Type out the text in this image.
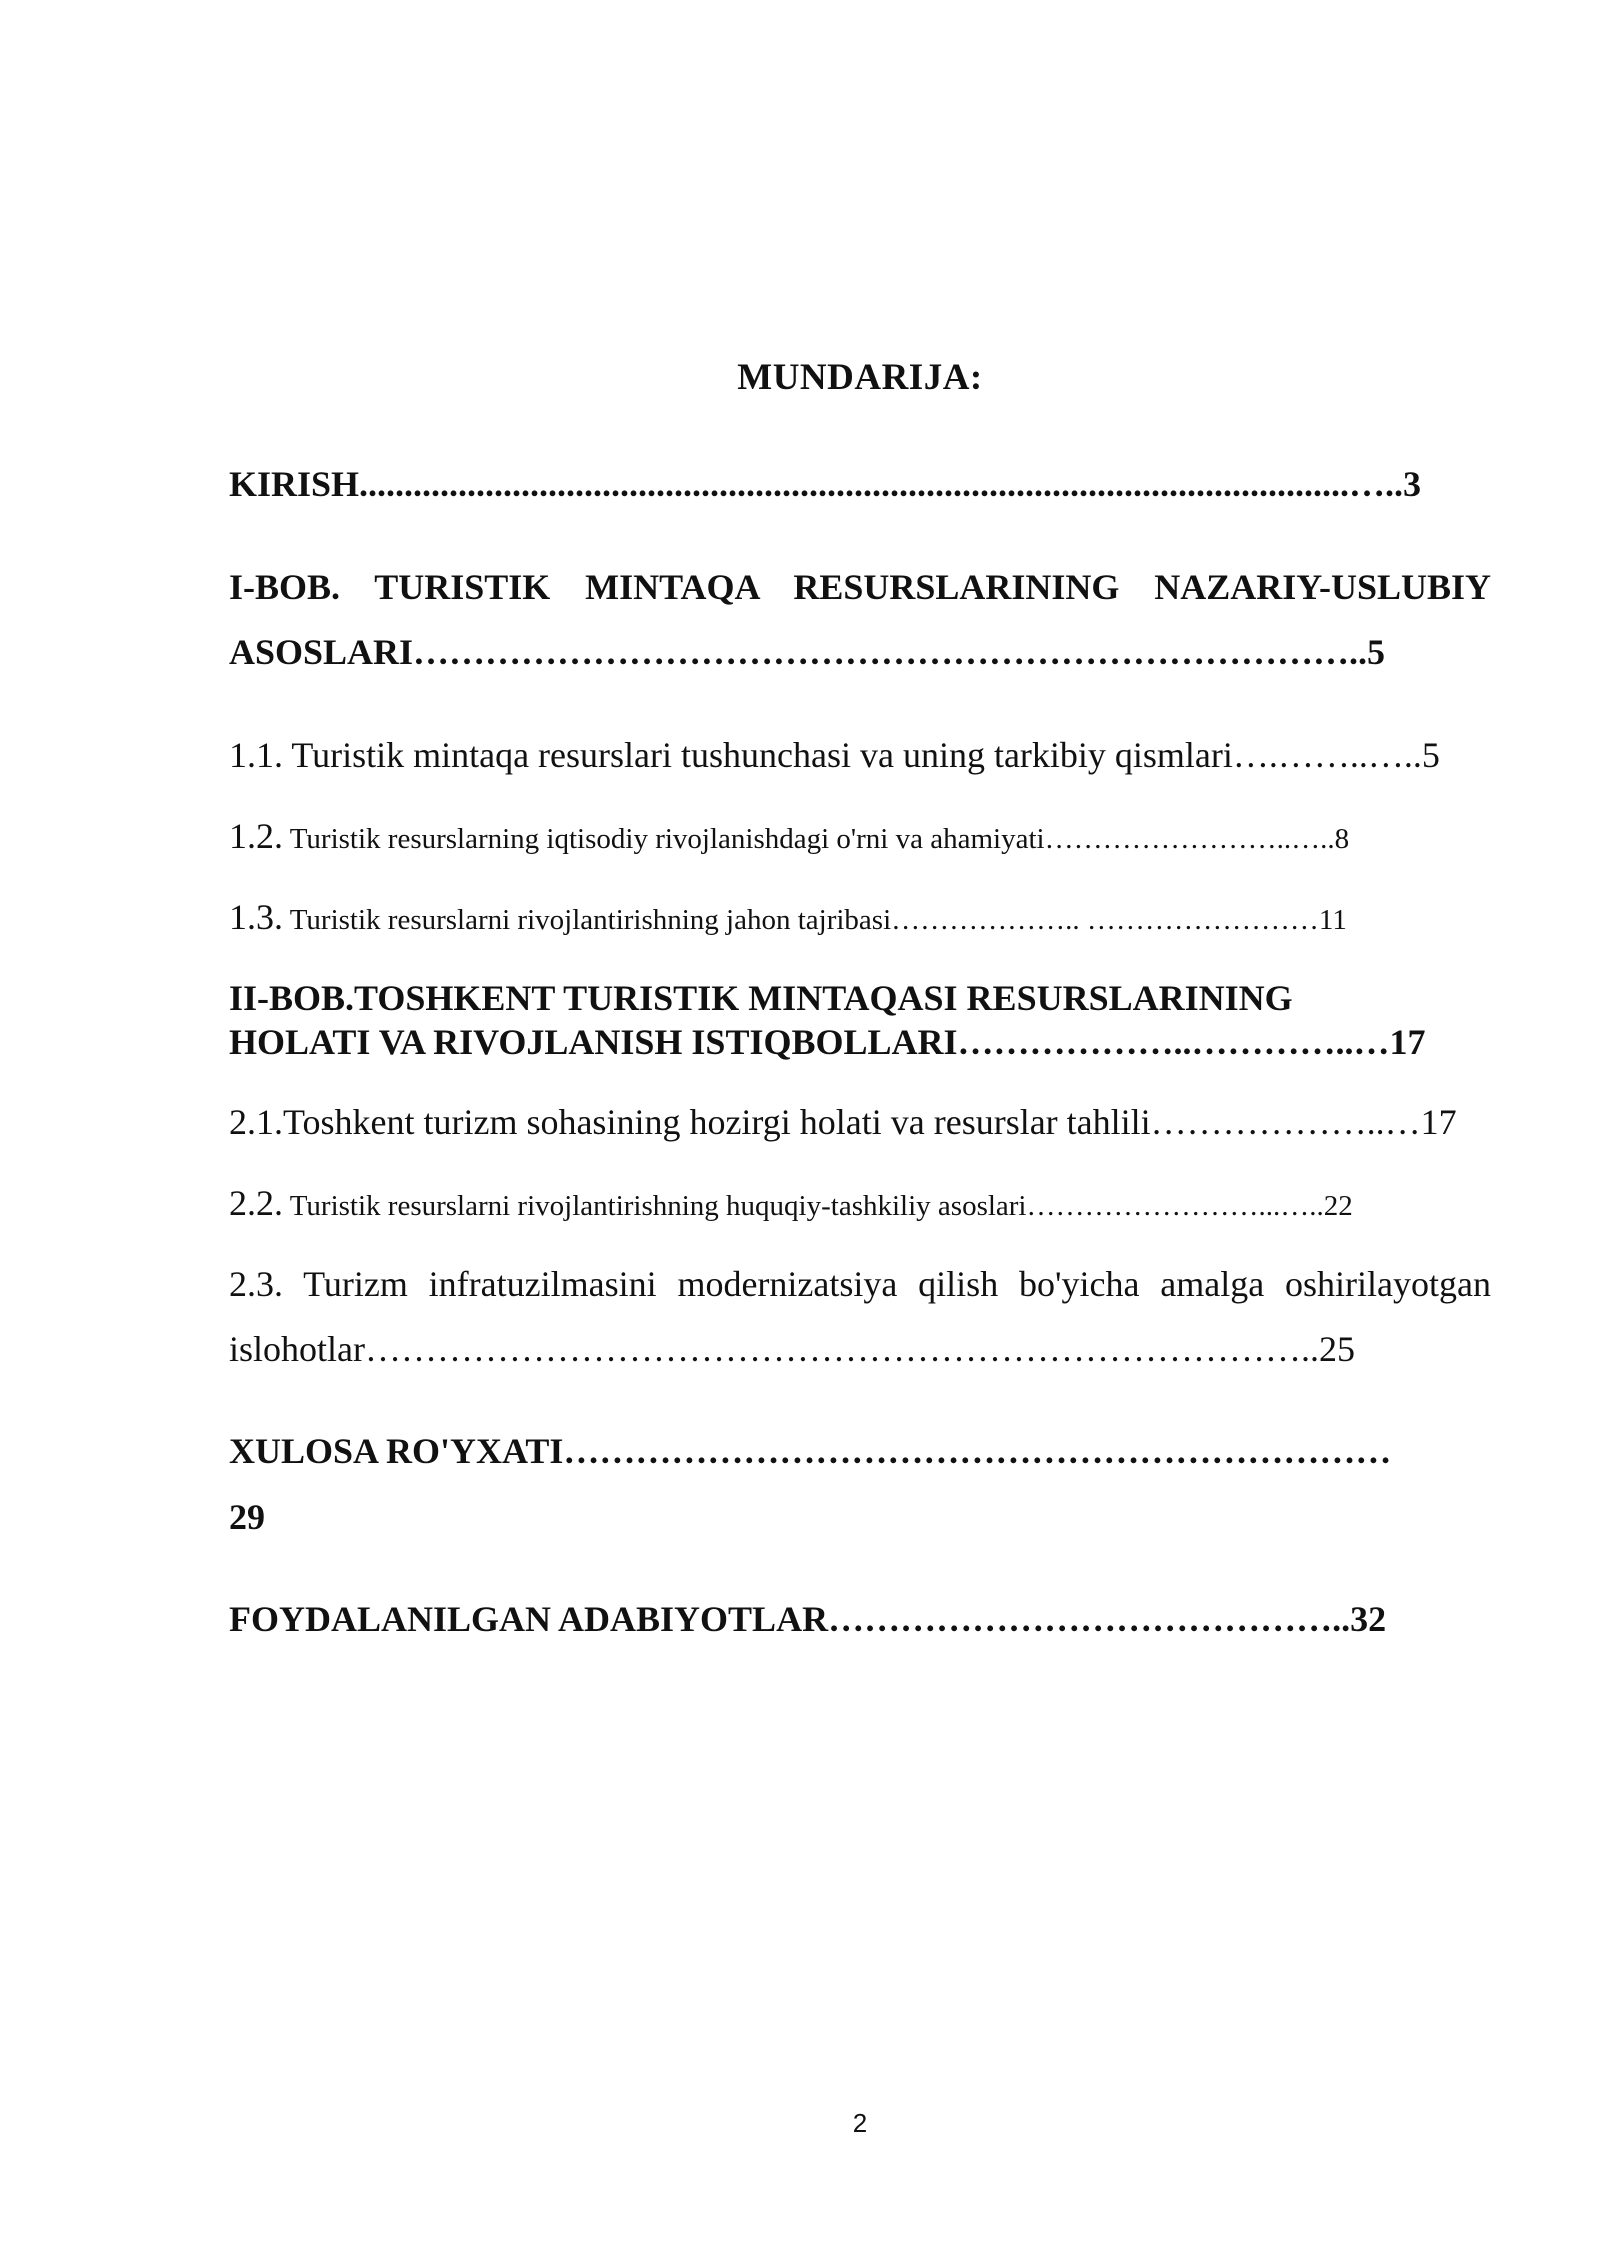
MUNDARIJA:
KIRISH..............................................................................................................…..3
I-BOB. TURISTIK MINTAQA RESURSLARINING NAZARIY-USLUBIY
ASOSLARI……………………………………………………………………..5
1.1. Turistik mintaqa resurslari tushunchasi va uning tarkibiy qismlari….……..…..5
1.2. Turistik resurslarning iqtisodiy rivojlanishdagi o'rni va ahamiyati……………………..…..8
1.3. Turistik resurslarni rivojlantirishning jahon tajribasi……………….. ……………………11
II-BOB.TOSHKENT TURISTIK MINTAQASI RESURSLARINING
HOLATI VA RIVOJLANISH ISTIQBOLLARI………………..…………..…17
2.1.Toshkent turizm sohasining hozirgi holati va resurslar tahlili………………..…17
2.2. Turistik resurslarni rivojlantirishning huquqiy-tashkiliy asoslari……………………...…..22
2.3. Turizm infratuzilmasini modernizatsiya qilish bo'yicha amalga oshirilayotgan
islohotlar……………………………………………………………………..25
XULOSA RO'YXATI……………………………………………………………
29
FOYDALANILGAN ADABIYOTLAR……………………………………..32
2
